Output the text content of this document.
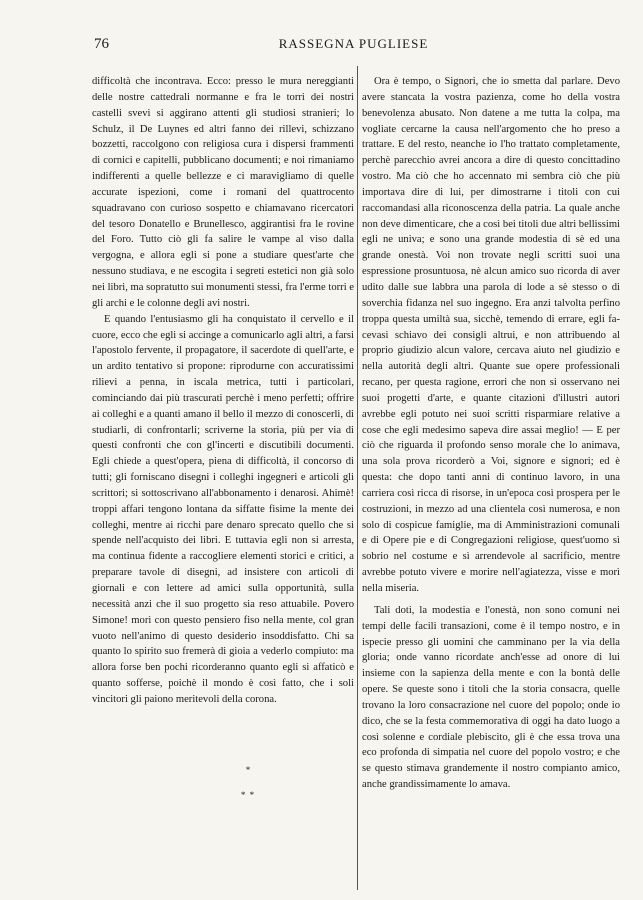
76	RASSEGNA PUGLIESE

difficoltà che incontrava. Ecco: presso le mura nereggianti delle nostre cattedrali normanne e fra le torri dei nostri castelli svevi si aggirano attenti gli studiosi stranieri; lo Schulz, il De Luynes ed altri fanno dei rillevi, schizzano bozzetti, raccolgono con religiosa cura i dispersi frammenti di cornici e capitelli, pubblicano documenti; e noi rimaniamo indifferenti a quelle bellezze e ci maravigliamo di quelle accurate ispezioni, come i romani del quattrocento squadravano con curioso sospetto e chiamavano ricercatori del tesoro Donatello e Brunellesco, aggirantisi fra le rovine del Foro. Tutto ciò gli fa salire le vampe al viso dalla vergogna, e allora egli si pone a studiare quest'arte che nessuno studiava, e ne escogita i segreti estetici non già solo nei libri, ma sopratutto sui monumenti stessi, fra l'erme torri e gli archi e le colonne degli avi nostri.

E quando l'entusiasmo gli ha conquistato il cervello e il cuore, ecco che egli si accinge a comunicarlo agli altri, a farsi l'apostolo fervente, il propagatore, il sacerdote di quell'arte, e un ardito tentativo si propone: riprodurne con accuratissimi rilievi a penna, in iscala metrica, tutti i particolari, cominciando dai più trascurati perchè i meno perfetti; offrire ai colleghi e a quanti amano il bello il mezzo di conoscerli, di studiarli, di confrontarli; scriverne la storia, più per via di questi confronti che con gl'incerti e discutibili documenti. Egli chiede a quest'opera, piena di difficoltà, il concorso di tutti; gli forniscano disegni i colleghi ingegneri e articoli gli scrittori; si sottoscrivano all'abbonamento i denarosi. Ahimè! troppi affari tengono lontana da siffatte fisime la mente dei colleghi, mentre ai ricchi pare denaro sprecato quello che si spende nell'acquisto dei libri. E tuttavia egli non si arresta, ma continua fidente a raccogliere elementi storici e critici, a preparare tavole di disegni, ad insistere con articoli di giornali e con lettere ad amici sulla opportunità, sulla necessità anzi che il suo progetto sia reso attuabile. Povero Simone! morì con questo pensiero fiso nella mente, col gran vuoto nell'animo di questo desiderio insoddisfatto. Chi sa quanto lo spirito suo fremerà di gioia a vederlo compiuto: ma allora forse ben pochi ricorderanno quanto egli si affaticò e quanto sofferse, poichè il mondo è così fatto, che i soli vincitori gli paiono meritevoli della corona.

*
* *

Ora è tempo, o Signori, che io smetta dal parlare. Devo avere stancata la vostra pazienza, come ho della vostra benevolenza abusato. Non datene a me tutta la colpa, ma vogliate cercarne la causa nell'argomento che ho preso a trattare. E del resto, neanche io l'ho trattato completamente, perchè parecchio avrei ancora a dire di questo concittadino vostro. Ma ciò che ho accennato mi sembra ciò che più importava dire di lui, per dimostrarne i titoli con cui raccomandasi alla riconoscenza della patria. La quale anche non deve dimenticare, che a così bei titoli due altri bellissimi egli ne univa; e sono una grande modestia di sè ed una grande onestà. Voi non trovate negli scritti suoi una espressione prosuntuosa, nè alcun amico suo ricorda di aver udito dalle sue labbra una parola di lode a sè stesso o di soverchia fidanza nel suo ingegno. Era anzi talvolta perfino troppa questa umiltà sua, sicchè, temendo di errare, egli facevasi schiavo dei consigli altrui, e non attribuendo al proprio giudizio alcun valore, cercava aiuto nel giudizio e nella autorità degli altri. Quante sue opere professionali recano, per questa ragione, errori che non si osservano nei suoi progetti d'arte, e quante citazioni d'illustri autori avrebbe egli potuto nei suoi scritti risparmiare relative a cose che egli medesimo sapeva dire assai meglio! — E per ciò che riguarda il profondo senso morale che lo animava, una sola prova ricorderò a Voi, signore e signori; ed è questa: che dopo tanti anni di continuo lavoro, in una carriera così ricca di risorse, in un'epoca così prospera per le costruzioni, in mezzo ad una clientela così numerosa, e non solo di cospicue famiglie, ma di Amministrazioni comunali e di Opere pie e di Congregazioni religiose, quest'uomo sì sobrio nel costume e sì arrendevole al sacrificio, mentre avrebbe potuto vivere e morire nell'agiatezza, visse e morì nella miseria.

Tali doti, la modestia e l'onestà, non sono comuni nei tempi delle facili transazioni, come è il tempo nostro, e in ispecie presso gli uomini che camminano per la via della gloria; onde vanno ricordate anch'esse ad onore di lui insieme con la sapienza della mente e con la bontà delle opere. Se queste sono i titoli che la storia consacra, quelle trovano la loro consacrazione nel cuore del popolo; onde io dico, che se la festa commemorativa di oggi ha dato luogo a così solenne e cordiale plebiscito, gli è che essa trova una eco profonda di simpatia nel cuore del popolo vostro; e che se questo stimava grandemente il nostro compianto amico, anche grandissimamente lo amava.
